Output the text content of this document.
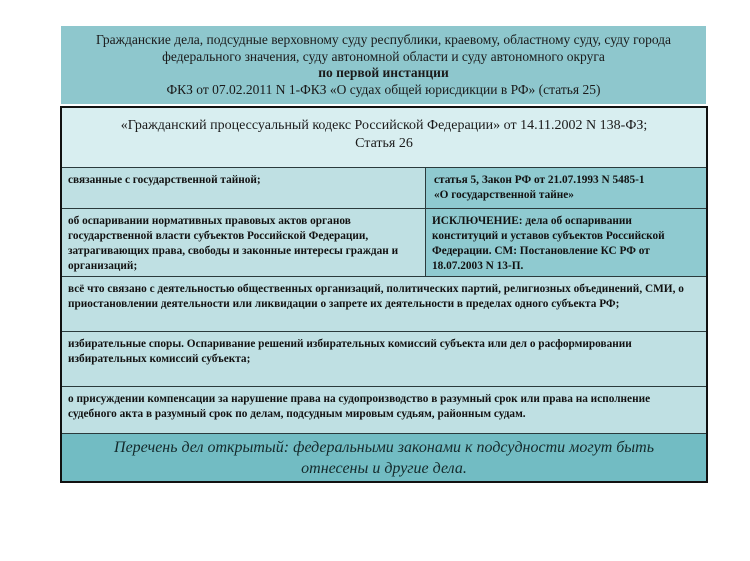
Гражданские дела, подсудные верховному суду республики, краевому, областному суду, суду города
федерального значения, суду автономной области и суду автономного округа
по первой инстанции
ФКЗ от 07.02.2011 N 1-ФКЗ «О судах общей юрисдикции в РФ» (статья 25)
«Гражданский процессуальный кодекс Российской Федерации» от 14.11.2002 N 138-ФЗ;
Статья 26
связанные с государственной тайной;	статья 5, Закон РФ от 21.07.1993 N 5485-1
«О государственной тайне»
об оспаривании нормативных правовых актов органов государственной власти субъектов Российской Федерации, затрагивающих права, свободы и законные интересы граждан и организаций;
ИСКЛЮЧЕНИЕ: дела об оспаривании конституций и уставов субъектов Российской Федерации. СМ: Постановление КС РФ от 18.07.2003 N 13-П.
всё что связано с деятельностью общественных организаций, политических партий, религиозных объединений, СМИ, о приостановлении деятельности или ликвидации о запрете их деятельности в пределах одного субъекта РФ;
избирательные споры. Оспаривание решений избирательных комиссий субъекта или дел о расформировании избирательных комиссий субъекта;
о присуждении компенсации за нарушение права на судопроизводство в разумный срок или права на исполнение судебного акта в разумный срок по делам, подсудным мировым судьям, районным судам.
Перечень дел открытый: федеральными законами к подсудности могут быть
отнесены и другие дела.
